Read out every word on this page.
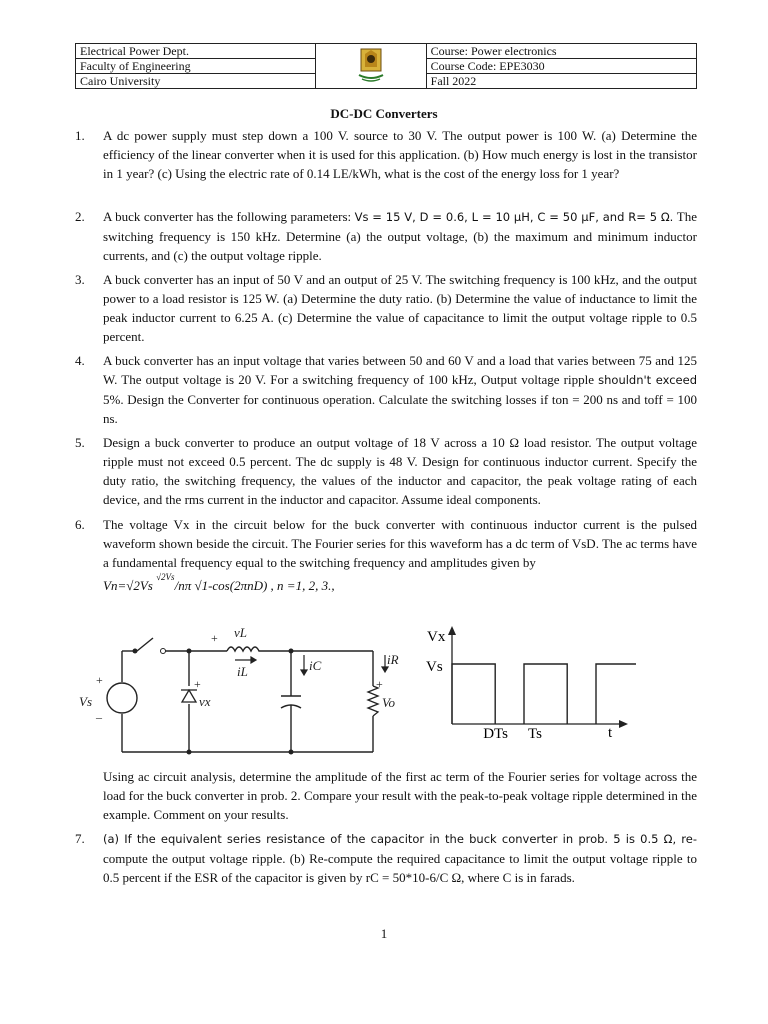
Electrical Power Dept.		Course: Power electronics
Faculty of Engineering		Course Code: EPE3030
Cairo University		Fall 2022
DC-DC Converters
1. A dc power supply must step down a 100 V. source to 30 V. The output power is 100 W. (a) Determine the efficiency of the linear converter when it is used for this application. (b) How much energy is lost in the transistor in 1 year? (c) Using the electric rate of 0.14 LE/kWh, what is the cost of the energy loss for 1 year?

2. A buck converter has the following parameters: Vs = 15 V, D = 0.6, L = 10 μH, C = 50 μF, and R= 5 Ω. The switching frequency is 150 kHz. Determine (a) the output voltage, (b) the maximum and minimum inductor currents, and (c) the output voltage ripple.

3. A buck converter has an input of 50 V and an output of 25 V. The switching frequency is 100 kHz, and the output power to a load resistor is 125 W. (a) Determine the duty ratio. (b) Determine the value of inductance to limit the peak inductor current to 6.25 A. (c) Determine the value of capacitance to limit the output voltage ripple to 0.5 percent.

4. A buck converter has an input voltage that varies between 50 and 60 V and a load that varies between 75 and 125 W. The output voltage is 20 V. For a switching frequency of 100 kHz, Output voltage ripple shouldn't exceed 5%. Design the Converter for continuous operation. Calculate the switching losses if ton = 200 ns and toff = 100 ns.

5. Design a buck converter to produce an output voltage of 18 V across a 10 Ω load resistor. The output voltage ripple must not exceed 0.5 percent. The dc supply is 48 V. Design for continuous inductor current. Specify the duty ratio, the switching frequency, the values of the inductor and capacitor, the peak voltage rating of each device, and the rms current in the inductor and capacitor. Assume ideal components.

6. The voltage Vx in the circuit below for the buck converter with continuous inductor current is the pulsed waveform shown beside the circuit. The Fourier series for this waveform has a dc term of VsD. The ac terms have a fundamental frequency equal to the switching frequency and amplitudes given by

Vn=√2Vs $^{√2Vs}$/nπ √1-cos(2πnD) , n =1, 2, 3.,
Vs
vL
iL	iC	iR
vx	Vo
+
+
+	+
–
Vx
Vs
t
DTs Ts

Using ac circuit analysis, determine the amplitude of the first ac term of the Fourier series for voltage across the load for the buck converter in prob. 2. Compare your result with the peak-to-peak voltage ripple determined in the example. Comment on your results.

7. (a) If the equivalent series resistance of the capacitor in the buck converter in prob. 5 is 0.5 Ω, re- compute the output voltage ripple. (b) Re-compute the required capacitance to limit the output voltage ripple to 0.5 percent if the ESR of the capacitor is given by rC = 50*10-6/C Ω, where C is in farads.

1
